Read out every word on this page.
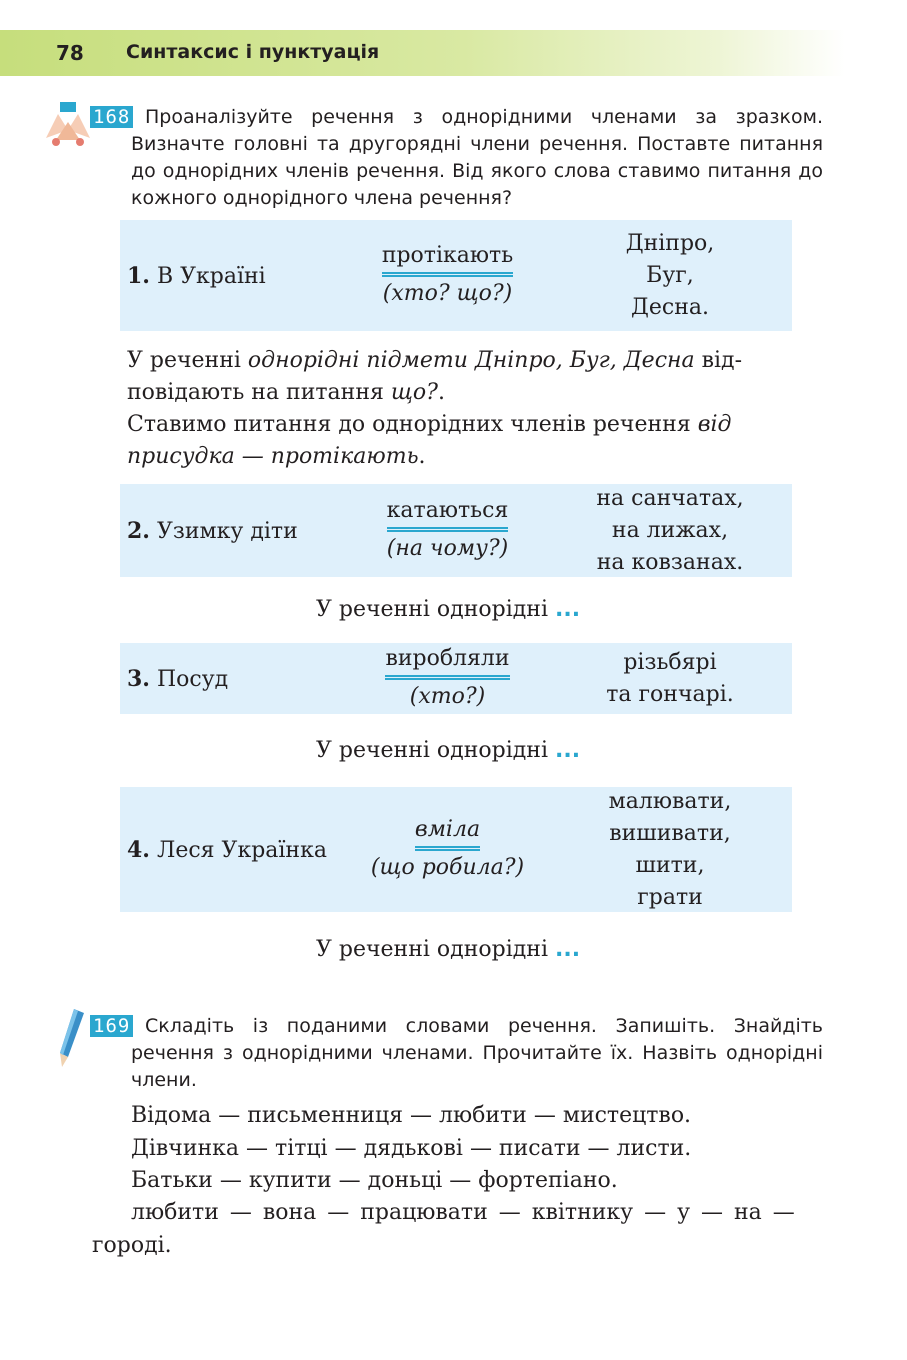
78 Синтаксис і пунктуація
168 Проаналізуйте речення з однорідними членами за зразком. Визначте головні та другорядні члени речення. Поставте питання до однорідних членів речення. Від якого слова ставимо питання до кожного однорідного члена речення?
1. В Україні
протікають
(хто? що?)
Дніпро,
Буг,
Десна.

У реченні однорідні підмети Дніпро, Буг, Десна від-

повідають на питання що?.

Ставимо питання до однорідних членів речення від

присудка — протікають.

2. Узимку діти
катаються
(на чому?)
на санчатах,
на лижах,
на ковзанах.
У реченні однорідні ...
3. Посуд
виробляли
(хто?)
різьбярі
та гончарі.
У реченні однорідні ...
4. Леся Українка
вміла
(що робила?)
малювати,
вишивати,
шити,
грати
У реченні однорідні ...
169 Складіть із поданими словами речення. Запишіть. Знайдіть речення з однорідними членами. Прочитайте їх. Назвіть однорідні члени.
Відома — письменниця — любити — мистецтво.
Дівчинка — тітці — дядькові — писати — листи.
Батьки — купити — доньці — фортепіано.
любити — вона — працювати — квітнику — у — на —
городі.
